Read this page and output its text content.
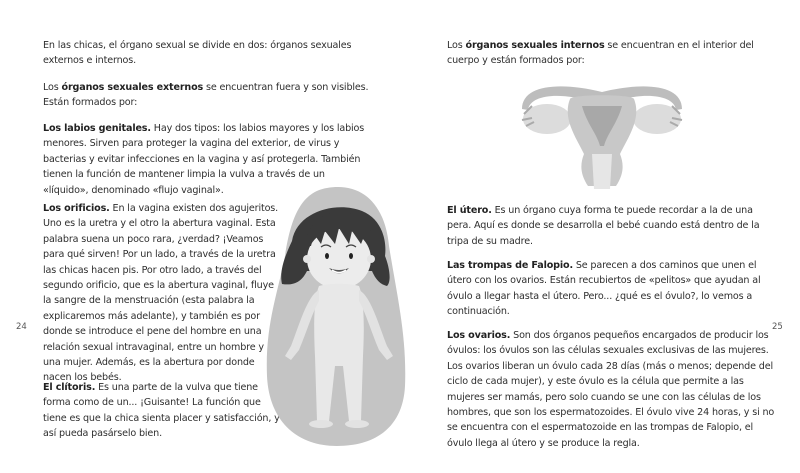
En las chicas, el órgano sexual se divide en dos: órganos sexuales externos e internos.

Los órganos sexuales externos se encuentran fuera y son visibles. Están formados por:

Los labios genitales. Hay dos tipos: los labios mayores y los labios menores. Sirven para proteger la vagina del exterior, de virus y bacterias y evitar infecciones en la vagina y así protegerla. También tienen la función de mantener limpia la vulva a través de un «líquido», denominado «flujo vaginal».

Los orificios. En la vagina existen dos agujeritos. Uno es la uretra y el otro la abertura vaginal. Esta palabra suena un poco rara, ¿verdad? ¡Veamos para qué sirven! Por un lado, a través de la uretra las chicas hacen pis. Por otro lado, a través del segundo orificio, que es la abertura vaginal, fluye la sangre de la menstruación (esta palabra la explicaremos más adelante), y también es por donde se introduce el pene del hombre en una relación sexual intravaginal, entre un hombre y una mujer. Además, es la abertura por donde nacen los bebés.

El clítoris. Es una parte de la vulva que tiene forma como de un... ¡Guisante! La función que tiene es que la chica sienta placer y satisfacción, y así pueda pasárselo bien.

24

Los órganos sexuales internos se encuentran en el interior del cuerpo y están formados por:

El útero. Es un órgano cuya forma te puede recordar a la de una pera. Aquí es donde se desarrolla el bebé cuando está dentro de la tripa de su madre.

Las trompas de Falopio. Se parecen a dos caminos que unen el útero con los ovarios. Están recubiertos de «pelitos» que ayudan al óvulo a llegar hasta el útero. Pero... ¿qué es el óvulo?, lo vemos a continuación.

Los ovarios. Son dos órganos pequeños encargados de producir los óvulos: los óvulos son las células sexuales exclusivas de las mujeres. Los ovarios liberan un óvulo cada 28 días (más o menos; depende del ciclo de cada mujer), y este óvulo es la célula que permite a las mujeres ser mamás, pero solo cuando se une con las células de los hombres, que son los espermatozoides. El óvulo vive 24 horas, y si no se encuentra con el espermatozoide en las trompas de Falopio, el óvulo llega al útero y se produce la regla.

25
